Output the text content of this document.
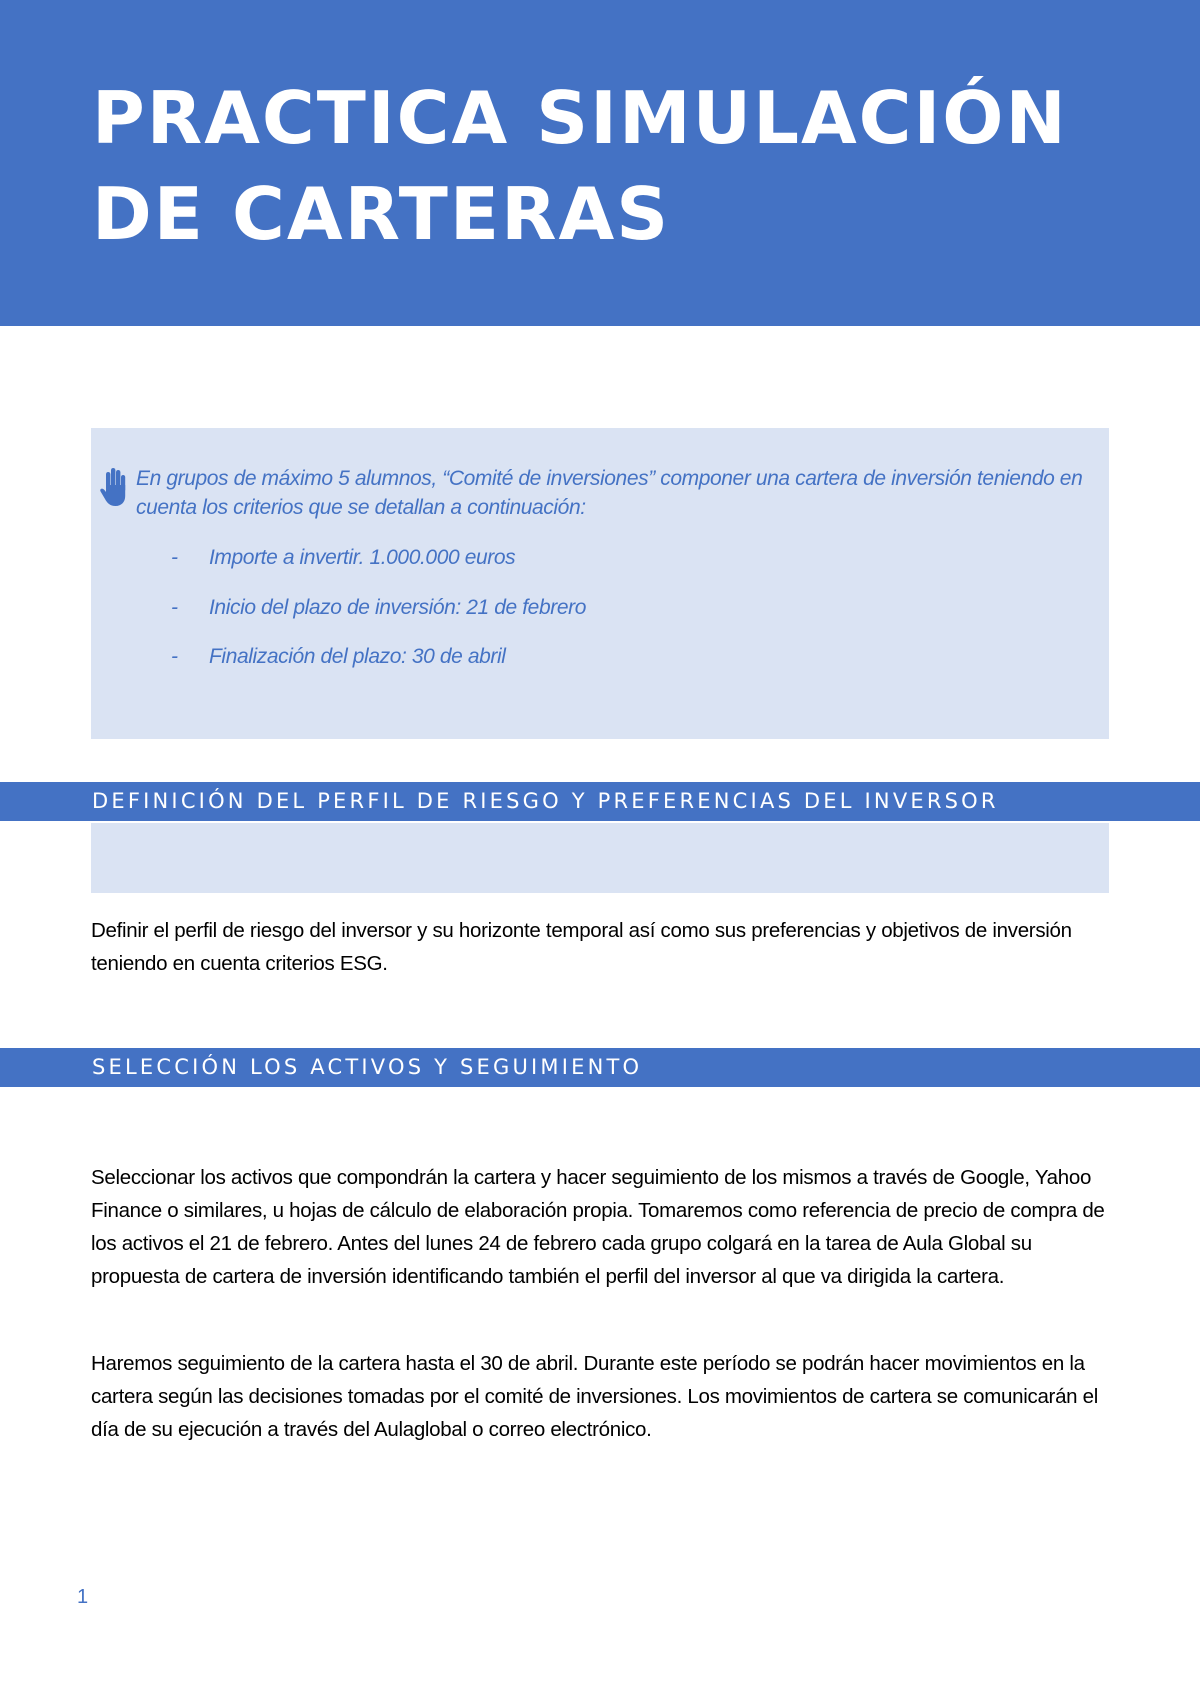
PRACTICA SIMULACIÓN DE CARTERAS

En grupos de máximo 5 alumnos, “Comité de inversiones” componer una cartera de inversión teniendo en cuenta los criterios que se detallan a continuación:

- Importe a invertir. 1.000.000 euros
- Inicio del plazo de inversión: 21 de febrero
- Finalización del plazo: 30 de abril
DEFINICIÓN DEL PERFIL DE RIESGO Y PREFERENCIAS DEL INVERSOR

Definir el perfil de riesgo del inversor y su horizonte temporal así como sus preferencias y objetivos de inversión teniendo en cuenta criterios ESG.

SELECCIÓN LOS ACTIVOS Y SEGUIMIENTO

Seleccionar los activos que compondrán la cartera y hacer seguimiento de los mismos a través de Google, Yahoo Finance o similares, u hojas de cálculo de elaboración propia. Tomaremos como referencia de precio de compra de los activos el 21 de febrero. Antes del lunes 24 de febrero cada grupo colgará en la tarea de Aula Global su propuesta de cartera de inversión identificando también el perfil del inversor al que va dirigida la cartera.

Haremos seguimiento de la cartera hasta el 30 de abril. Durante este período se podrán hacer movimientos en la cartera según las decisiones tomadas por el comité de inversiones. Los movimientos de cartera se comunicarán el día de su ejecución a través del Aulaglobal o correo electrónico.

1
